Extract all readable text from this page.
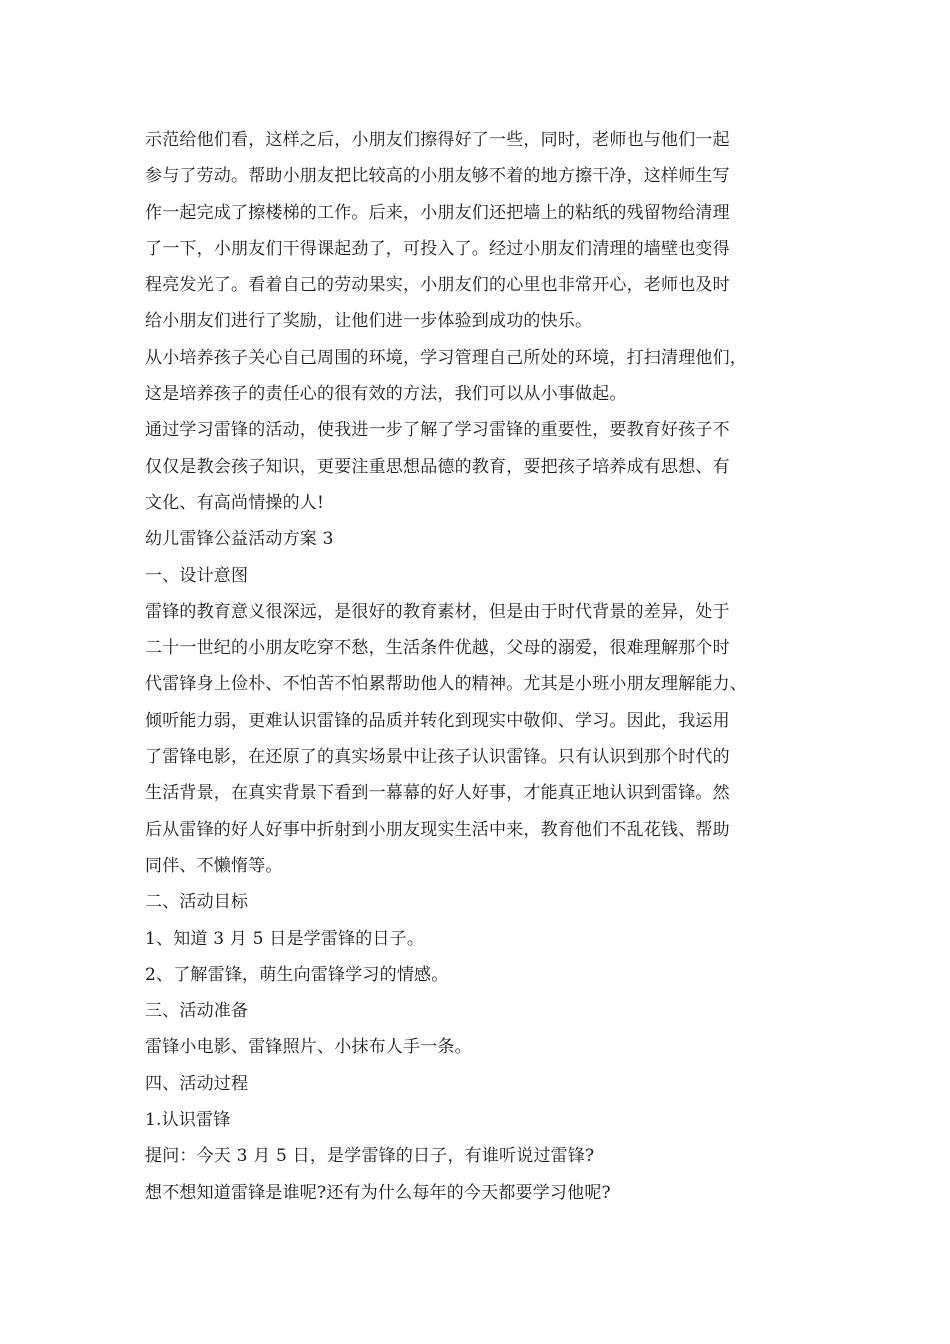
示范给他们看，这样之后，小朋友们擦得好了一些，同时，老师也与他们一起
参与了劳动。帮助小朋友把比较高的小朋友够不着的地方擦干净，这样师生写
作一起完成了擦楼梯的工作。后来，小朋友们还把墙上的粘纸的残留物给清理
了一下，小朋友们干得课起劲了，可投入了。经过小朋友们清理的墙壁也变得
程亮发光了。看着自己的劳动果实，小朋友们的心里也非常开心，老师也及时
给小朋友们进行了奖励，让他们进一步体验到成功的快乐。
从小培养孩子关心自己周围的环境，学习管理自己所处的环境，打扫清理他们，
这是培养孩子的责任心的很有效的方法，我们可以从小事做起。
通过学习雷锋的活动，使我进一步了解了学习雷锋的重要性，要教育好孩子不
仅仅是教会孩子知识，更要注重思想品德的教育，要把孩子培养成有思想、有
文化、有高尚情操的人!
幼儿雷锋公益活动方案 3
一、设计意图
雷锋的教育意义很深远，是很好的教育素材，但是由于时代背景的差异，处于
二十一世纪的小朋友吃穿不愁，生活条件优越，父母的溺爱，很难理解那个时
代雷锋身上俭朴、不怕苦不怕累帮助他人的精神。尤其是小班小朋友理解能力、
倾听能力弱，更难认识雷锋的品质并转化到现实中敬仰、学习。因此，我运用
了雷锋电影，在还原了的真实场景中让孩子认识雷锋。只有认识到那个时代的
生活背景，在真实背景下看到一幕幕的好人好事，才能真正地认识到雷锋。然
后从雷锋的好人好事中折射到小朋友现实生活中来，教育他们不乱花钱、帮助
同伴、不懒惰等。
二、活动目标
1、知道 3 月 5 日是学雷锋的日子。
2、了解雷锋，萌生向雷锋学习的情感。
三、活动准备
雷锋小电影、雷锋照片、小抹布人手一条。
四、活动过程
1.认识雷锋
提问：今天 3 月 5 日，是学雷锋的日子，有谁听说过雷锋?
想不想知道雷锋是谁呢?还有为什么每年的今天都要学习他呢?
